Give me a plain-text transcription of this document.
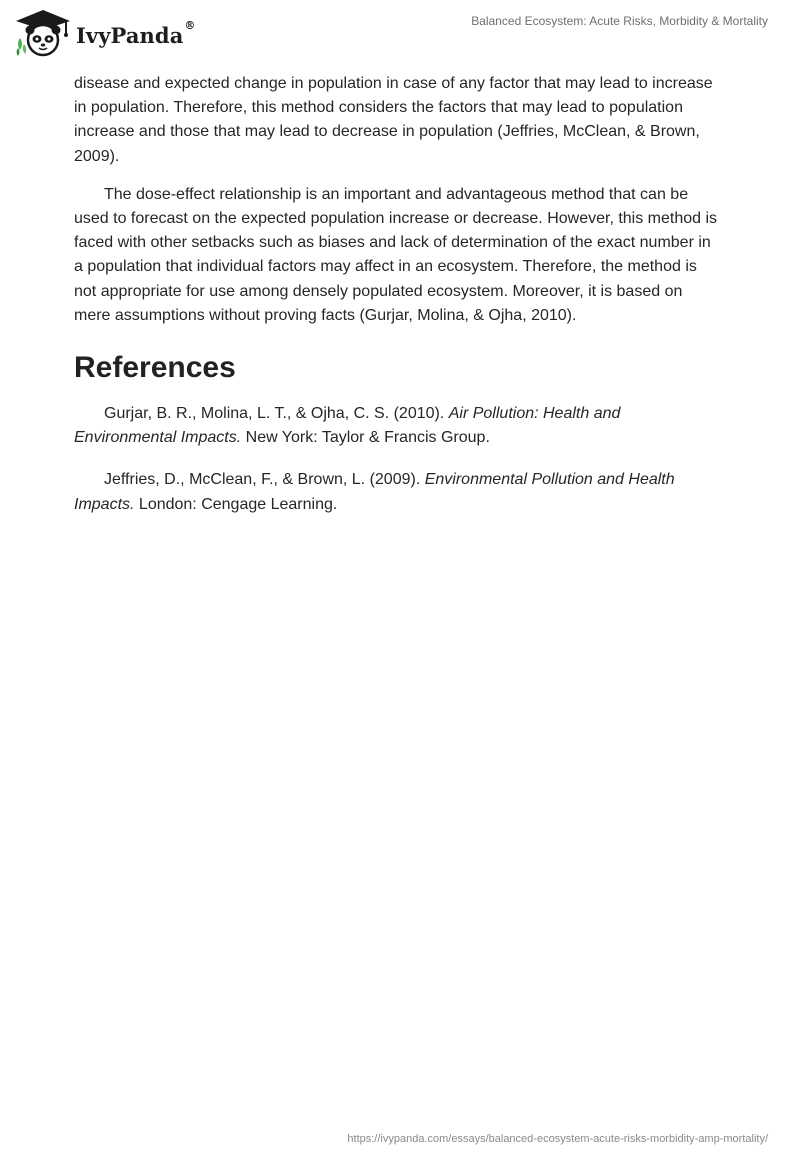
IvyPanda®	Balanced Ecosystem: Acute Risks, Morbidity & Mortality

disease and expected change in population in case of any factor that may lead to increase in population. Therefore, this method considers the factors that may lead to population increase and those that may lead to decrease in population (Jeffries, McClean, & Brown, 2009).

The dose-effect relationship is an important and advantageous method that can be used to forecast on the expected population increase or decrease. However, this method is faced with other setbacks such as biases and lack of determination of the exact number in a population that individual factors may affect in an ecosystem. Therefore, the method is not appropriate for use among densely populated ecosystem. Moreover, it is based on mere assumptions without proving facts (Gurjar, Molina, & Ojha, 2010).

References

Gurjar, B. R., Molina, L. T., & Ojha, C. S. (2010). Air Pollution: Health and Environmental Impacts. New York: Taylor & Francis Group.

Jeffries, D., McClean, F., & Brown, L. (2009). Environmental Pollution and Health Impacts. London: Cengage Learning.

https://ivypanda.com/essays/balanced-ecosystem-acute-risks-morbidity-amp-mortality/
